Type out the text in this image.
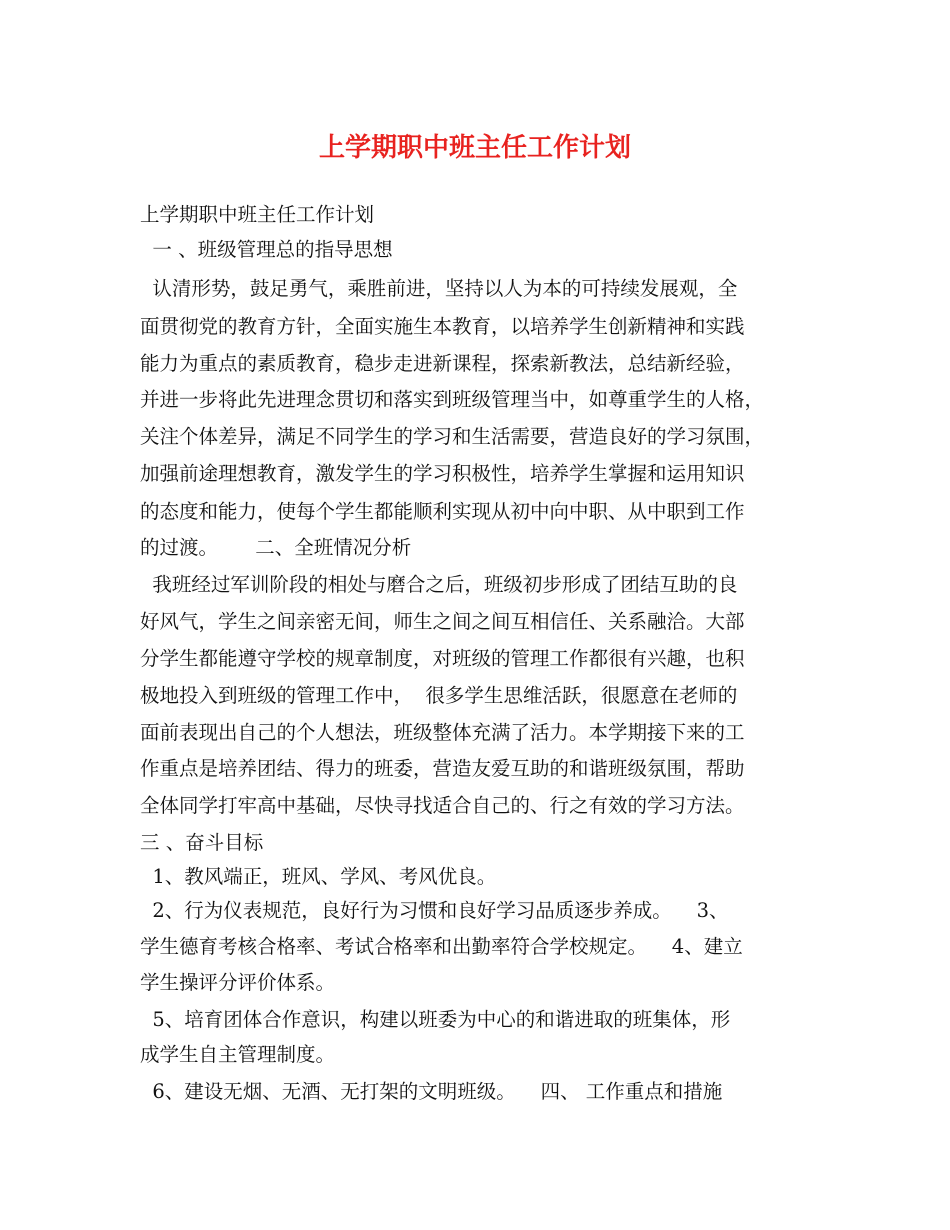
上学期职中班主任工作计划
上学期职中班主任工作计划
一 、班级管理总的指导思想
认清形势，鼓足勇气，乘胜前进，坚持以人为本的可持续发展观，全
面贯彻党的教育方针，全面实施生本教育，以培养学生创新精神和实践
能力为重点的素质教育，稳步走进新课程，探索新教法，总结新经验，
并进一步将此先进理念贯切和落实到班级管理当中，如尊重学生的人格，
关注个体差异，满足不同学生的学习和生活需要，营造良好的学习氛围，
加强前途理想教育，激发学生的学习积极性，培养学生掌握和运用知识
的态度和能力，使每个学生都能顺利实现从初中向中职、从中职到工作
的过渡。      二、全班情况分析
我班经过军训阶段的相处与磨合之后，班级初步形成了团结互助的良
好风气，学生之间亲密无间，师生之间之间互相信任、关系融洽。大部
分学生都能遵守学校的规章制度，对班级的管理工作都很有兴趣，也积
极地投入到班级的管理工作中，  很多学生思维活跃，很愿意在老师的
面前表现出自己的个人想法，班级整体充满了活力。本学期接下来的工
作重点是培养团结、得力的班委，营造友爱互助的和谐班级氛围，帮助
全体同学打牢高中基础，尽快寻找适合自己的、行之有效的学习方法。
三 、奋斗目标
1、教风端正，班风、学风、考风优良。
2、行为仪表规范，良好行为习惯和良好学习品质逐步养成。    3、
学生德育考核合格率、考试合格率和出勤率符合学校规定。    4、建立
学生操评分评价体系。
5、培育团体合作意识，构建以班委为中心的和谐进取的班集体，形
成学生自主管理制度。
6、建设无烟、无酒、无打架的文明班级。    四、 工作重点和措施
